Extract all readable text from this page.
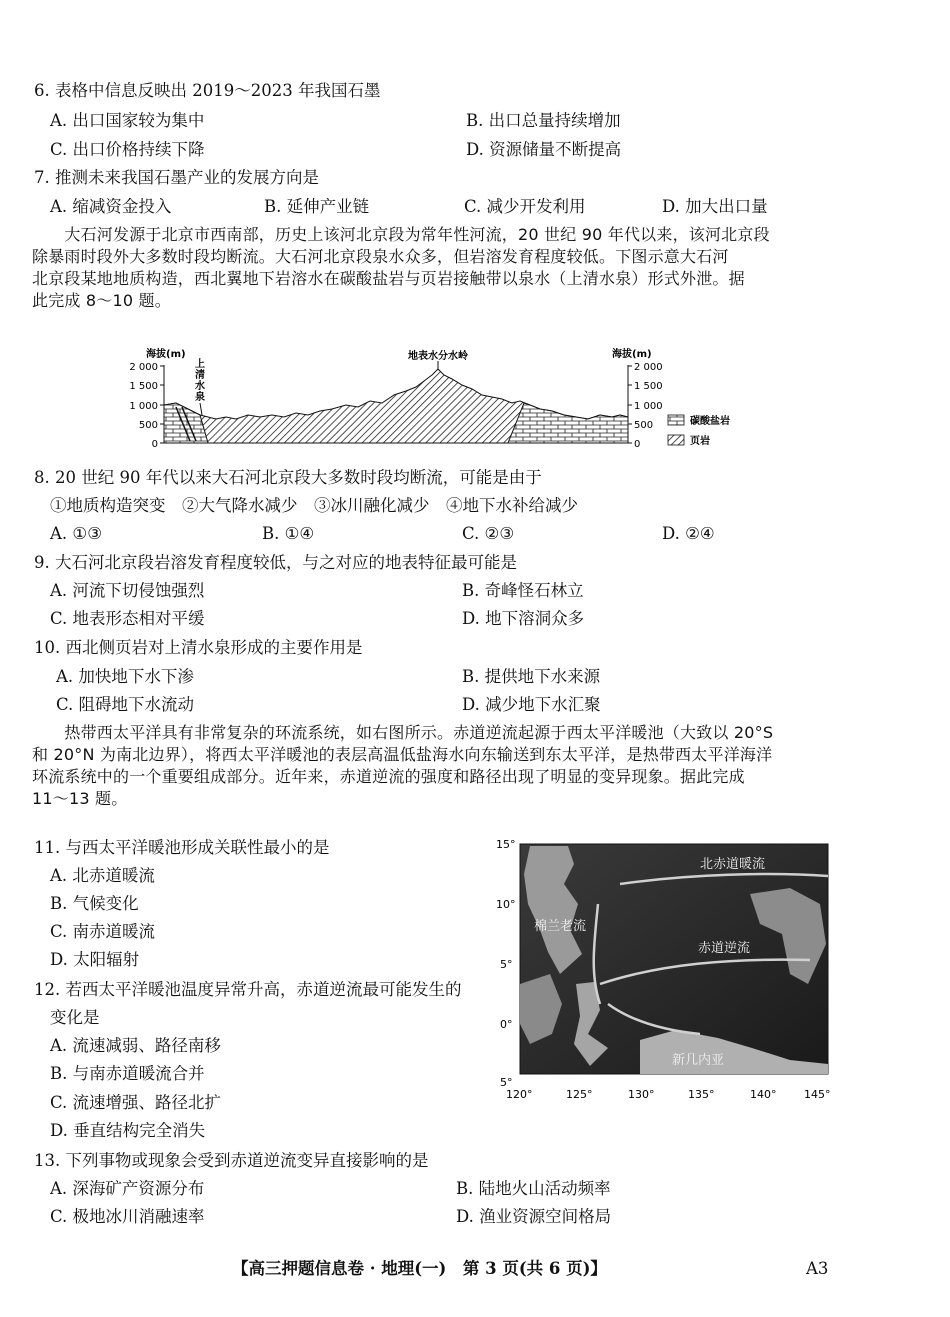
6. 表格中信息反映出 2019～2023 年我国石墨
A. 出口国家较为集中	B. 出口总量持续增加
C. 出口价格持续下降	D. 资源储量不断提高
7. 推测未来我国石墨产业的发展方向是
A. 缩减资金投入	B. 延伸产业链	C. 减少开发利用	D. 加大出口量
　　大石河发源于北京市西南部，历史上该河北京段为常年性河流，20 世纪 90 年代以来，该河北京段
除暴雨时段外大多数时段均断流。大石河北京段泉水众多，但岩溶发育程度较低。下图示意大石河
北京段某地地质构造，西北翼地下岩溶水在碳酸盐岩与页岩接触带以泉水（上清水泉）形式外泄。据
此完成 8～10 题。
海拔(m)
2 000
1 500
1 000
500
0
海拔(m)
2 000
1 500
1 000
500
0
上
清
水
泉
地表水分水岭
碳酸盐岩
页岩
8. 20 世纪 90 年代以来大石河北京段大多数时段均断流，可能是由于
①地质构造突变　②大气降水减少　③冰川融化减少　④地下水补给减少
A. ①③	B. ①④	C. ②③	D. ②④
9. 大石河北京段岩溶发育程度较低，与之对应的地表特征最可能是
A. 河流下切侵蚀强烈	B. 奇峰怪石林立
C. 地表形态相对平缓	D. 地下溶洞众多
10. 西北侧页岩对上清水泉形成的主要作用是
A. 加快地下水下渗	B. 提供地下水来源
C. 阻碍地下水流动	D. 减少地下水汇聚
　　热带西太平洋具有非常复杂的环流系统，如右图所示。赤道逆流起源于西太平洋暖池（大致以 20°S
和 20°N 为南北边界），将西太平洋暖池的表层高温低盐海水向东输送到东太平洋，是热带西太平洋海洋
环流系统中的一个重要组成部分。近年来，赤道逆流的强度和路径出现了明显的变异现象。据此完成
11～13 题。
11. 与西太平洋暖池形成关联性最小的是
A. 北赤道暖流
B. 气候变化
C. 南赤道暖流
D. 太阳辐射
12. 若西太平洋暖池温度异常升高，赤道逆流最可能发生的
变化是
A. 流速减弱、路径南移
B. 与南赤道暖流合并
C. 流速增强、路径北扩
D. 垂直结构完全消失
北赤道暖流
棉兰老流
赤道逆流
新几内亚
15°
10°
5°
0°
5°
120°	125°	130°	135°	140°	145°
13. 下列事物或现象会受到赤道逆流变异直接影响的是
A. 深海矿产资源分布	B. 陆地火山活动频率
C. 极地冰川消融速率	D. 渔业资源空间格局
【高三押题信息卷 · 地理(一)　第 3 页(共 6 页)】	A3
